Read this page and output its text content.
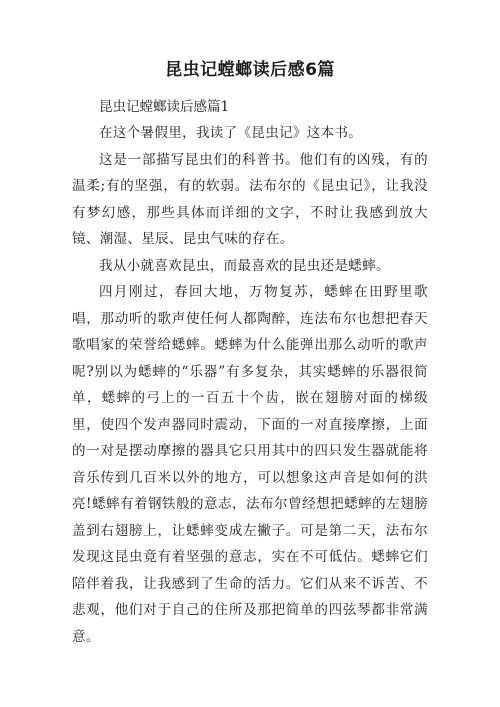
昆虫记螳螂读后感6篇

昆虫记螳螂读后感篇1

在这个暑假里，我读了《昆虫记》这本书。

这是一部描写昆虫们的科普书。他们有的凶残，有的温柔;有的坚强，有的软弱。法布尔的《昆虫记》，让我没有梦幻感，那些具体而详细的文字，不时让我感到放大镜、潮湿、星辰、昆虫气味的存在。

我从小就喜欢昆虫，而最喜欢的昆虫还是蟋蟀。

四月刚过，春回大地，万物复苏，蟋蟀在田野里歌唱，那动听的歌声使任何人都陶醉，连法布尔也想把春天歌唱家的荣誉给蟋蟀。蟋蟀为什么能弹出那么动听的歌声呢?别以为蟋蟀的“乐器”有多复杂，其实蟋蟀的乐器很简单，蟋蟀的弓上的一百五十个齿，嵌在翅膀对面的梯级里，使四个发声器同时震动，下面的一对直接摩擦，上面的一对是摆动摩擦的器具它只用其中的四只发生器就能将音乐传到几百米以外的地方，可以想象这声音是如何的洪亮!蟋蟀有着钢铁般的意志，法布尔曾经想把蟋蟀的左翅膀盖到右翅膀上，让蟋蟀变成左撇子。可是第二天，法布尔发现这昆虫竟有着坚强的意志，实在不可低估。蟋蟀它们陪伴着我，让我感到了生命的活力。它们从来不诉苦、不悲观，他们对于自己的住所及那把简单的四弦琴都非常满意。
